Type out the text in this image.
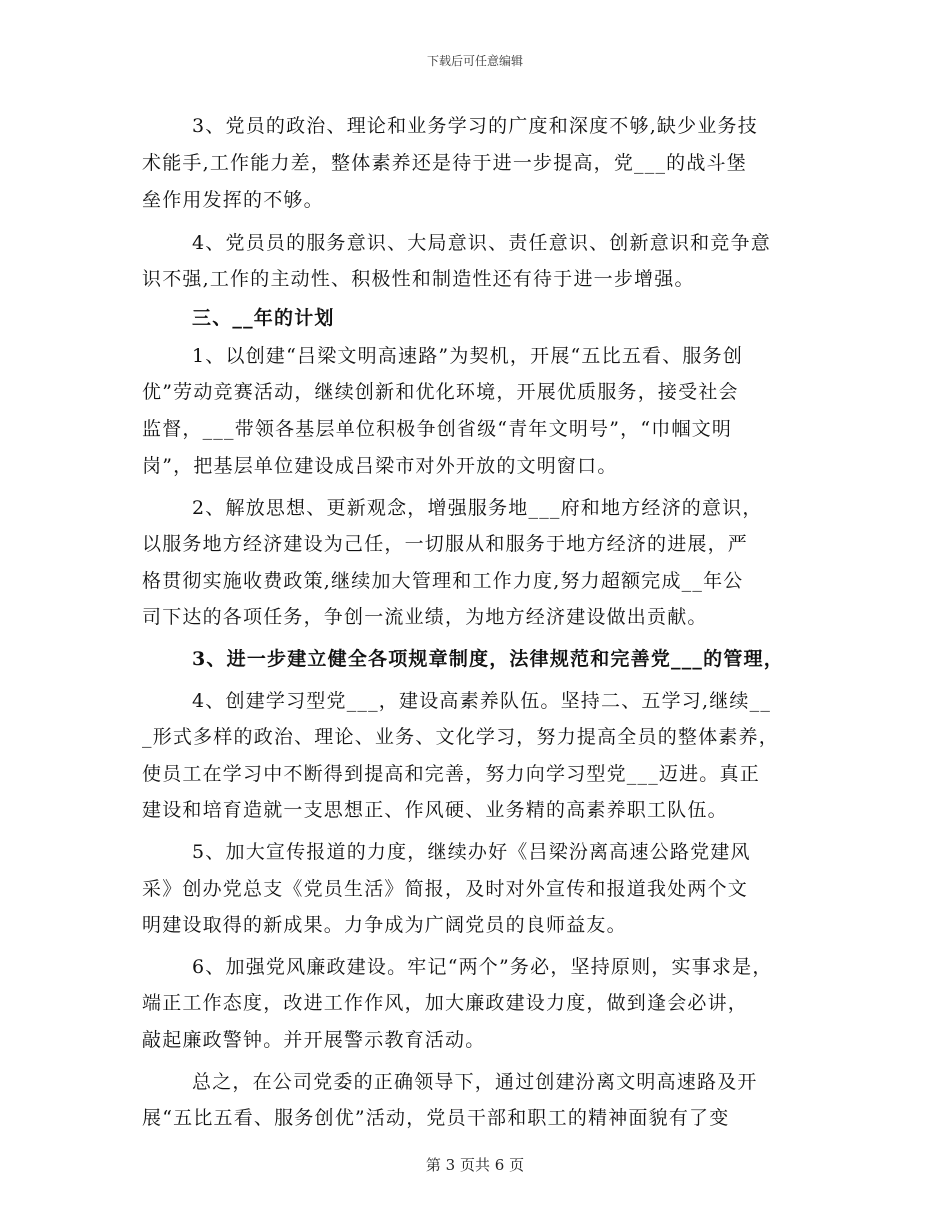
下载后可任意编辑
3、党员的政治、理论和业务学习的广度和深度不够,缺少业务技
术能手,工作能力差，整体素养还是待于进一步提高，党___的战斗堡
垒作用发挥的不够。
4、党员员的服务意识、大局意识、责任意识、创新意识和竞争意
识不强,工作的主动性、积极性和制造性还有待于进一步增强。
三、__年的计划
1、以创建“吕梁文明高速路”为契机，开展“五比五看、服务创
优”劳动竞赛活动，继续创新和优化环境，开展优质服务，接受社会
监督，___带领各基层单位积极争创省级“青年文明号”，“巾帼文明
岗”，把基层单位建设成吕梁市对外开放的文明窗口。
2、解放思想、更新观念，增强服务地___府和地方经济的意识，
以服务地方经济建设为己任，一切服从和服务于地方经济的进展，严
格贯彻实施收费政策,继续加大管理和工作力度,努力超额完成__年公
司下达的各项任务，争创一流业绩，为地方经济建设做出贡献。
3、进一步建立健全各项规章制度，法律规范和完善党___的管理，
4、创建学习型党___，建设高素养队伍。坚持二、五学习,继续__
_形式多样的政治、理论、业务、文化学习，努力提高全员的整体素养，
使员工在学习中不断得到提高和完善，努力向学习型党___迈进。真正
建设和培育造就一支思想正、作风硬、业务精的高素养职工队伍。
5、加大宣传报道的力度，继续办好《吕梁汾离高速公路党建风
采》创办党总支《党员生活》简报，及时对外宣传和报道我处两个文
明建设取得的新成果。力争成为广阔党员的良师益友。
6、加强党风廉政建设。牢记“两个”务必，坚持原则，实事求是，
端正工作态度，改进工作作风，加大廉政建设力度，做到逢会必讲，
敲起廉政警钟。并开展警示教育活动。
总之，在公司党委的正确领导下，通过创建汾离文明高速路及开
展“五比五看、服务创优”活动，党员干部和职工的精神面貌有了变
第 3 页共 6 页
